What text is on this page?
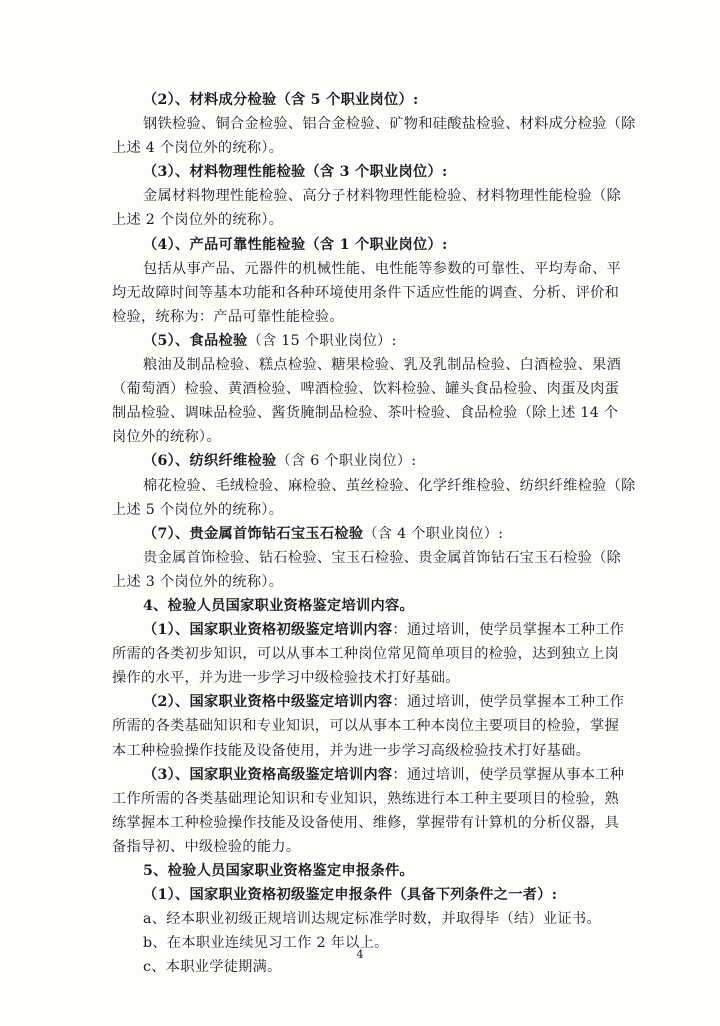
（2）、材料成分检验（含 5 个职业岗位）:
钢铁检验、铜合金检验、铝合金检验、矿物和硅酸盐检验、材料成分检验（除
上述 4 个岗位外的统称）。
（3）、材料物理性能检验（含 3 个职业岗位）:
金属材料物理性能检验、高分子材料物理性能检验、材料物理性能检验（除
上述 2 个岗位外的统称）。
（4）、产品可靠性能检验（含 1 个职业岗位）:
包括从事产品、元器件的机械性能、电性能等参数的可靠性、平均寿命、平
均无故障时间等基本功能和各种环境使用条件下适应性能的调查、分析、评价和
检验，统称为：产品可靠性能检验。
（5）、食品检验（含 15 个职业岗位）:
粮油及制品检验、糕点检验、糖果检验、乳及乳制品检验、白酒检验、果酒
（葡萄酒）检验、黄酒检验、啤酒检验、饮料检验、罐头食品检验、肉蛋及肉蛋
制品检验、调味品检验、酱货腌制品检验、茶叶检验、食品检验（除上述 14 个
岗位外的统称）。
（6）、纺织纤维检验（含 6 个职业岗位）:
棉花检验、毛绒检验、麻检验、茧丝检验、化学纤维检验、纺织纤维检验（除
上述 5 个岗位外的统称）。
（7）、贵金属首饰钻石宝玉石检验（含 4 个职业岗位）:
贵金属首饰检验、钻石检验、宝玉石检验、贵金属首饰钻石宝玉石检验（除
上述 3 个岗位外的统称）。
4、检验人员国家职业资格鉴定培训内容。
（1）、国家职业资格初级鉴定培训内容：通过培训，使学员掌握本工种工作
所需的各类初步知识，可以从事本工种岗位常见简单项目的检验，达到独立上岗
操作的水平，并为进一步学习中级检验技术打好基础。
（2）、国家职业资格中级鉴定培训内容：通过培训，使学员掌握本工种工作
所需的各类基础知识和专业知识，可以从事本工种本岗位主要项目的检验，掌握
本工种检验操作技能及设备使用，并为进一步学习高级检验技术打好基础。
（3）、国家职业资格高级鉴定培训内容：通过培训，使学员掌握从事本工种
工作所需的各类基础理论知识和专业知识，熟练进行本工种主要项目的检验，熟
练掌握本工种检验操作技能及设备使用、维修，掌握带有计算机的分析仪器，具
备指导初、中级检验的能力。
5、检验人员国家职业资格鉴定申报条件。
（1）、国家职业资格初级鉴定申报条件（具备下列条件之一者）:
a、经本职业初级正规培训达规定标准学时数，并取得毕（结）业证书。
b、在本职业连续见习工作 2 年以上。
c、本职业学徒期满。
4
